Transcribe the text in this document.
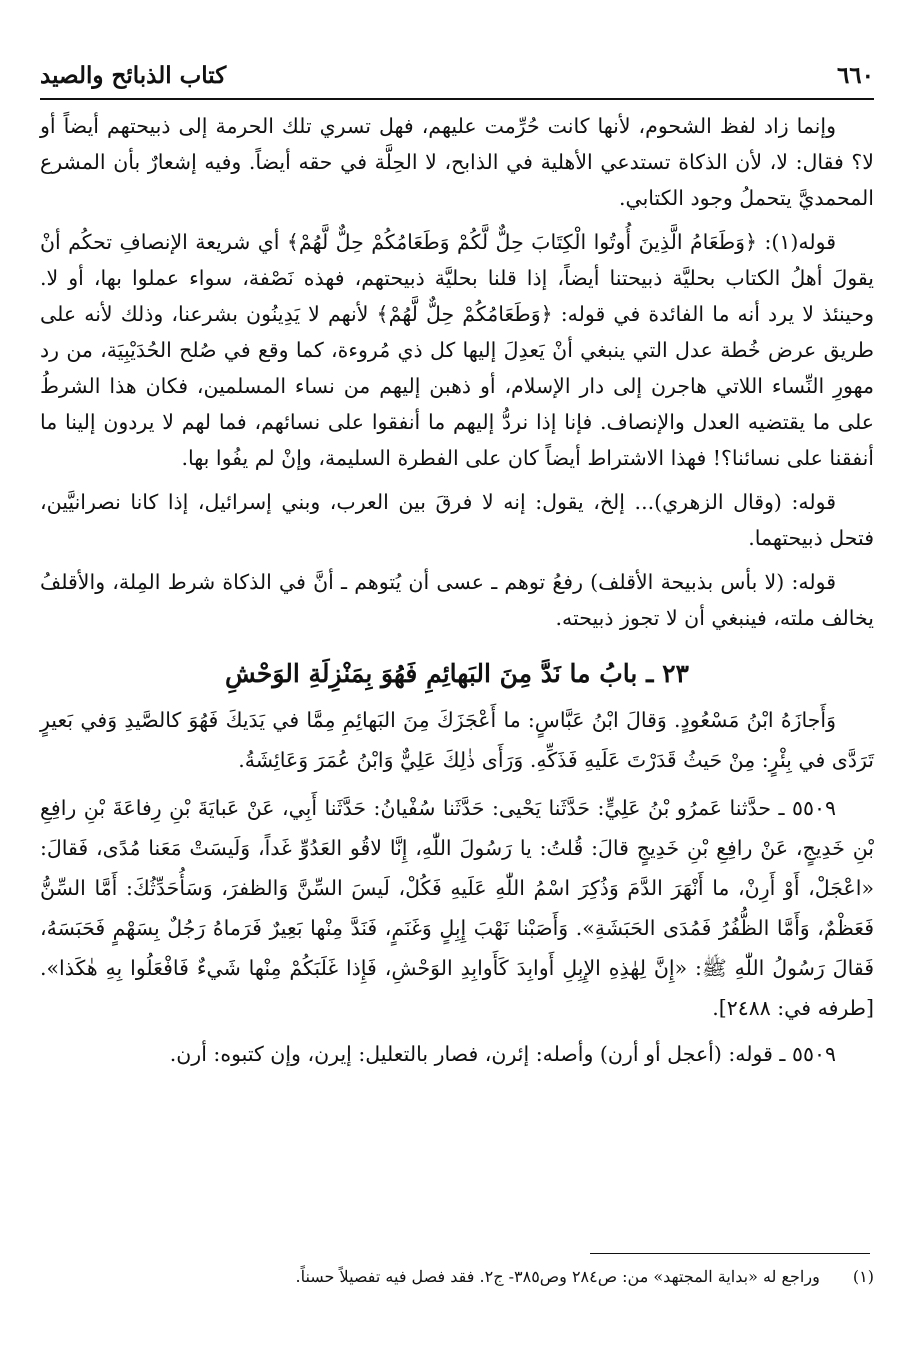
٦٦٠
كتاب الذبائح والصيد

وإنما زاد لفظ الشحوم، لأنها كانت حُرِّمت عليهم، فهل تسري تلك الحرمة إلى ذبيحتهم أيضاً أو لا؟ فقال: لا، لأن الذكاة تستدعي الأهلية في الذابح، لا الحِلَّة في حقه أيضاً. وفيه إشعارٌ بأن المشرع المحمديَّ يتحملُ وجود الكتابي.

قوله(١): ﴿وَطَعَامُ الَّذِينَ أُوتُوا الْكِتَابَ حِلٌّ لَّكُمْ وَطَعَامُكُمْ حِلٌّ لَّهُمْ﴾ أي شريعة الإنصافِ تحكُم أنْ يقولَ أهلُ الكتاب بحليَّة ذبيحتنا أيضاً، إذا قلنا بحليَّة ذبيحتهم، فهذه نَصْفة، سواء عملوا بها، أو لا. وحينئذ لا يرد أنه ما الفائدة في قوله: ﴿وَطَعَامُكُمْ حِلٌّ لَّهُمْ﴾ لأنهم لا يَدِينُون بشرعنا، وذلك لأنه على طريق عرض خُطة عدل التي ينبغي أنْ يَعدِلَ إليها كل ذي مُروءة، كما وقع في صُلح الحُدَيْبِيَة، من رد مهورِ النِّساء اللاتي هاجرن إلى دار الإسلام، أو ذهبن إليهم من نساء المسلمين، فكان هذا الشرطُ على ما يقتضيه العدل والإنصاف. فإنا إذا نردُّ إليهم ما أنفقوا على نسائهم، فما لهم لا يردون إلينا ما أنفقنا على نسائنا؟! فهذا الاشتراط أيضاً كان على الفطرة السليمة، وإنْ لم يفُوا بها.

قوله: (وقال الزهري)... إلخ، يقول: إنه لا فرقَ بين العرب، وبني إسرائيل، إذا كانا نصرانيَّين، فتحل ذبيحتهما.

قوله: (لا بأس بذبيحة الأقلف) رفعُ توهم ـ عسى أن يُتوهم ـ أنَّ في الذكاة شرط المِلة، والأقلفُ يخالف ملته، فينبغي أن لا تجوز ذبيحته.

٢٣ ـ بابُ ما نَدَّ مِنَ البَهائِمِ فَهُوَ بِمَنْزِلَةِ الوَحْشِ

وَأَجازَهُ ابْنُ مَسْعُودٍ. وَقالَ ابْنُ عَبَّاسٍ: ما أَعْجَزَكَ مِنَ البَهائِمِ مِمَّا في يَدَيكَ فَهُوَ كالصَّيدِ وَفي بَعيرٍ تَرَدَّى في بِئْرٍ: مِنْ حَيثُ قَدَرْتَ عَلَيهِ فَذَكِّهِ. وَرَأَى ذٰلِكَ عَلِيٌّ وَابْنُ عُمَرَ وَعَائِشَةُ.

٥٥٠٩ ـ حدَّثنا عَمرُو بْنُ عَلِيٍّ: حَدَّثَنا يَحْيى: حَدَّثَنا سُفْيانُ: حَدَّثَنا أَبِي، عَنْ عَبايَةَ بْنِ رِفاعَةَ بْنِ رافِعِ بْنِ خَدِيجٍ، عَنْ رافِعِ بْنِ خَدِيجٍ قالَ: قُلتُ: يا رَسُولَ اللّٰهِ، إِنَّا لاقُو العَدُوِّ غَداً، وَلَيسَتْ مَعَنا مُدًى، فَقالَ: «اعْجَلْ، أَوْ أَرِنْ، ما أَنْهَرَ الدَّمَ وَذُكِرَ اسْمُ اللّٰهِ عَلَيهِ فَكُلْ، لَيسَ السِّنَّ وَالظفرَ، وَسَأُحَدِّثُكَ: أَمَّا السِّنُّ فَعَظْمٌ، وَأَمَّا الظُّفُرُ فَمُدَى الحَبَشَةِ». وَأَصَبْنا نَهْبَ إِبِلٍ وَغَنَمٍ، فَنَدَّ مِنْها بَعِيرٌ فَرَماهُ رَجُلٌ بِسَهْمٍ فَحَبَسَهُ، فَقالَ رَسُولُ اللّٰهِ ﷺ: «إِنَّ لِهٰذِهِ الإِبِلِ أَوابِدَ كَأَوابِدِ الوَحْشِ، فَإِذا غَلَبَكُمْ مِنْها شَيءٌ فَافْعَلُوا بِهِ هٰكَذا». [طرفه في: ٢٤٨٨].

٥٥٠٩ ـ قوله: (أعجل أو أرن) وأصله: إئرن، فصار بالتعليل: إيرن، وإن كتبوه: أرن.

(١) وراجع له «بداية المجتهد» من: ص٢٨٤ وص٣٨٥- ج٢. فقد فصل فيه تفصيلاً حسناً.
